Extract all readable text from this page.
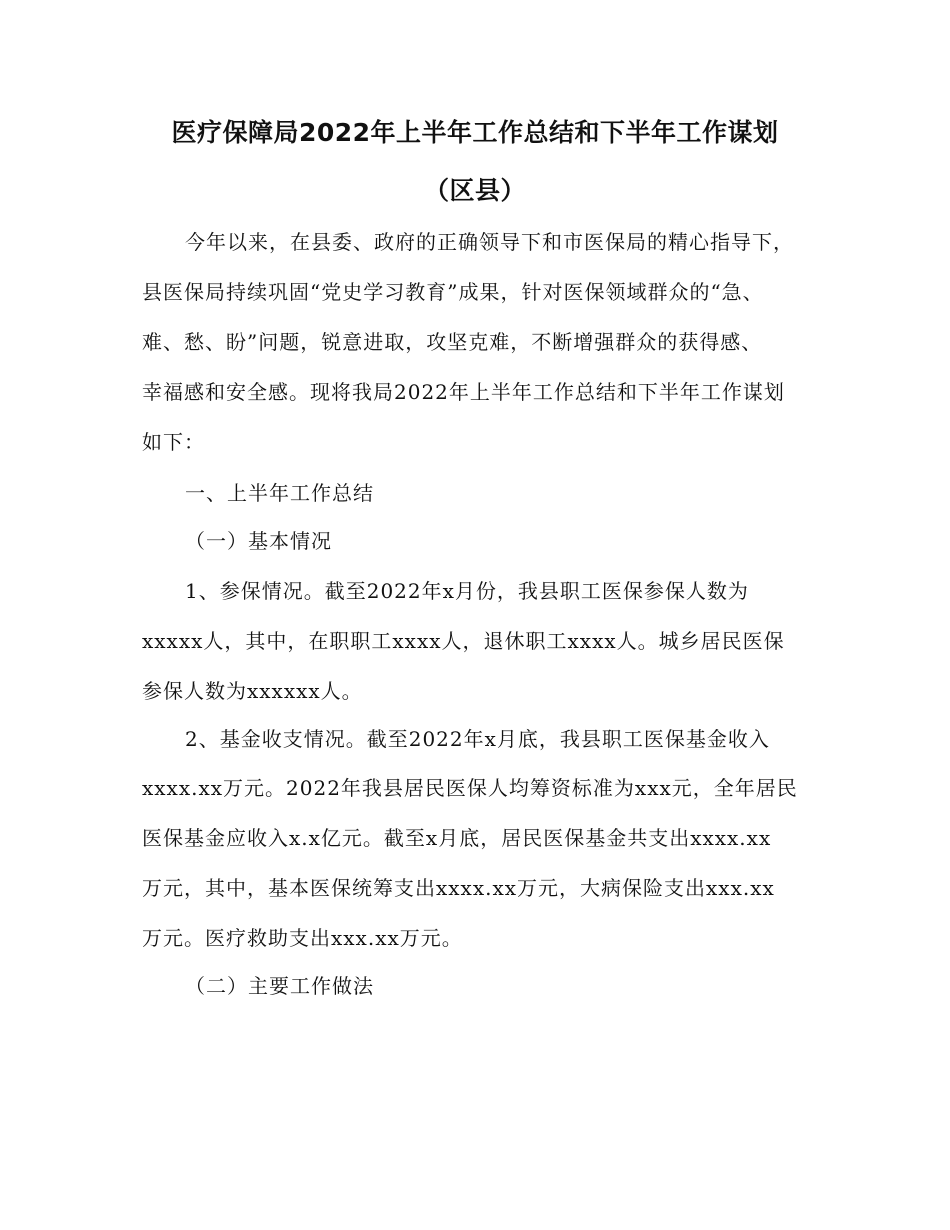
医疗保障局2022年上半年工作总结和下半年工作谋划
（区县）
今年以来，在县委、政府的正确领导下和市医保局的精心指导下，
县医保局持续巩固“党史学习教育”成果，针对医保领域群众的“急、
难、愁、盼”问题，锐意进取，攻坚克难，不断增强群众的获得感、
幸福感和安全感。现将我局2022年上半年工作总结和下半年工作谋划
如下：
一、上半年工作总结
（一）基本情况
1、参保情况。截至2022年x月份，我县职工医保参保人数为
xxxxx人，其中，在职职工xxxx人，退休职工xxxx人。城乡居民医保
参保人数为xxxxxx人。
2、基金收支情况。截至2022年x月底，我县职工医保基金收入
xxxx.xx万元。2022年我县居民医保人均筹资标准为xxx元，全年居民
医保基金应收入x.x亿元。截至x月底，居民医保基金共支出xxxx.xx
万元，其中，基本医保统筹支出xxxx.xx万元，大病保险支出xxx.xx
万元。医疗救助支出xxx.xx万元。
（二）主要工作做法
